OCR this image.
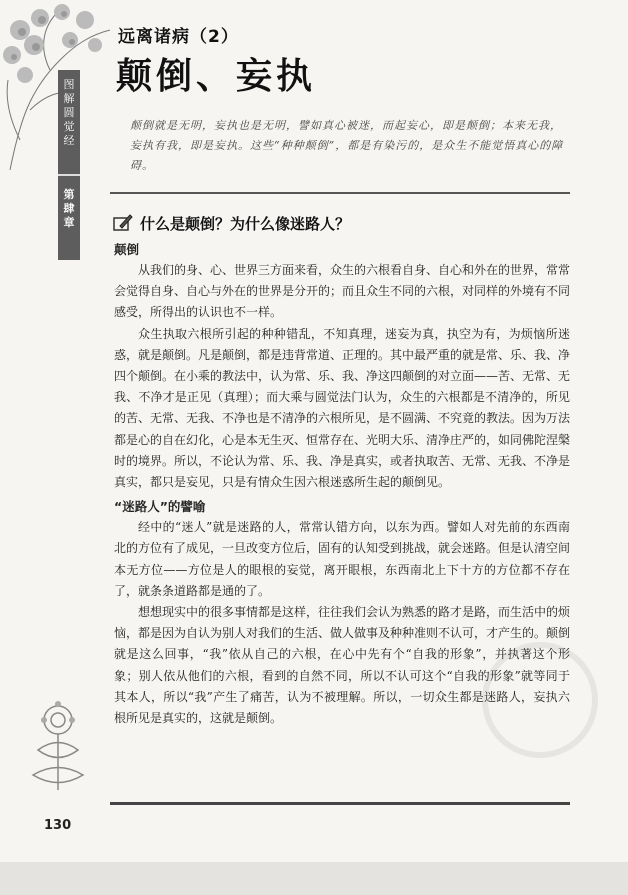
图
解
圆
觉
经
第
肆
章
远离诸病（2）
颠倒、妄执
颠倒就是无明，妄执也是无明，譬如真心被迷，而起妄心，即是颠倒；本来无我，妄执有我，即是妄执。这些“种种颠倒”，都是有染污的，是众生不能觉悟真心的障碍。
什么是颠倒？为什么像迷路人？
颠倒

从我们的身、心、世界三方面来看，众生的六根看自身、自心和外在的世界，常常会觉得自身、自心与外在的世界是分开的；而且众生不同的六根，对同样的外境有不同感受，所得出的认识也不一样。

众生执取六根所引起的种种错乱，不知真理，迷妄为真，执空为有，为烦恼所迷惑，就是颠倒。凡是颠倒，都是违背常道、正理的。其中最严重的就是常、乐、我、净四个颠倒。在小乘的教法中，认为常、乐、我、净这四颠倒的对立面——苦、无常、无我、不净才是正见（真理）；而大乘与圆觉法门认为，众生的六根都是不清净的，所见的苦、无常、无我、不净也是不清净的六根所见，是不圆满、不究竟的教法。因为万法都是心的自在幻化，心是本无生灭、恒常存在、光明大乐、清净庄严的，如同佛陀涅槃时的境界。所以，不论认为常、乐、我、净是真实，或者执取苦、无常、无我、不净是真实，都只是妄见，只是有情众生因六根迷惑所生起的颠倒见。

“迷路人”的譬喻

经中的“迷人”就是迷路的人，常常认错方向，以东为西。譬如人对先前的东西南北的方位有了成见，一旦改变方位后，固有的认知受到挑战，就会迷路。但是认清空间本无方位——方位是人的眼根的妄觉，离开眼根，东西南北上下十方的方位都不存在了，就条条道路都是通的了。

想想现实中的很多事情都是这样，往往我们会认为熟悉的路才是路，而生活中的烦恼，都是因为自认为别人对我们的生活、做人做事及种种准则不认可，才产生的。颠倒就是这么回事，“我”依从自己的六根，在心中先有个“自我的形象”，并执著这个形象；别人依从他们的六根，看到的自然不同，所以不认可这个“自我的形象”就等同于其本人，所以“我”产生了痛苦，认为不被理解。所以，一切众生都是迷路人，妄执六根所见是真实的，这就是颠倒。

130
